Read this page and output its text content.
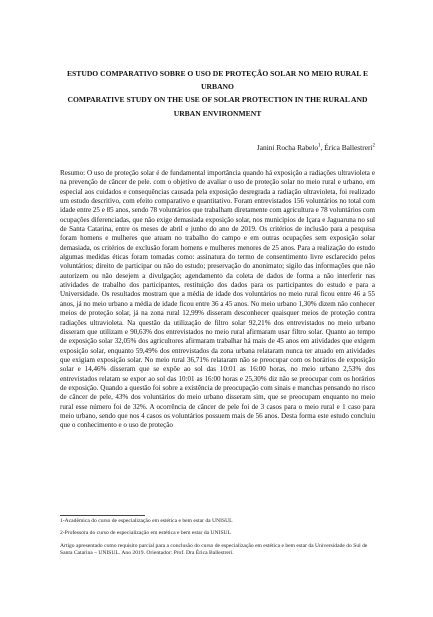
ESTUDO COMPARATIVO SOBRE O USO DE PROTEÇÃO SOLAR NO MEIO RURAL E URBANO

COMPARATIVE STUDY ON THE USE OF SOLAR PROTECTION IN THE RURAL AND URBAN ENVIRONMENT

Janini Rocha Rabelo$^1$, Érica Ballestreri$^2$

Resumo: O uso de proteção solar é de fundamental importância quando há exposição a radiações ultravioleta e na prevenção de câncer de pele. com o objetivo de avaliar o uso de proteção solar no meio rural e urbano, em especial aos cuidados e consequências causada pela exposição desregrada a radiação ultravioleta, foi realizado um estudo descritivo, com efeito comparativo e quantitativo. Foram entrevistados 156 voluntários no total com idade entre 25 e 85 anos, sendo 78 voluntários que trabalham diretamente com agricultura e 78 voluntários com ocupações diferenciadas, que não exige demasiada exposição solar, nos municípios de Içara e Jaguaruna no sul de Santa Catarina, entre os meses de abril e junho do ano de 2019. Os critérios de inclusão para a pesquisa foram homens e mulheres que atuam no trabalho do campo e em outras ocupações sem exposição solar demasiada, os critérios de exclusão foram homens e mulheres menores de 25 anos. Para a realização do estudo algumas medidas éticas foram tomadas como: assinatura do termo de consentimento livre esclarecido pelos voluntários; direito de participar ou não do estudo; preservação do anonimato; sigilo das informações que não autorizem ou não desejem a divulgação; agendamento da coleta de dados de forma a não interferir nas atividades de trabalho dos participantes, restituição dos dados para os participantes do estudo e para a Universidade. Os resultados mostram que a média de idade dos voluntários no meio rural ficou entre 46 a 55 anos, já no meio urbano a média de idade ficou entre 36 a 45 anos. No meio urbano 1,30% dizem não conhecer meios de proteção solar, já na zona rural 12,99% disseram desconhecer quaisquer meios de proteção contra radiações ultravioleta. Na questão da utilização de filtro solar 92,21% dos entrevistados no meio urbano disseram que utilizam e 90,63% dos entrevistados no meio rural afirmaram usar filtro solar. Quanto ao tempo de exposição solar 32,05% dos agricultores afirmaram trabalhar há mais de 45 anos em atividades que exigem exposição solar, enquanto 59,49% dos entrevistados da zona urbana relataram nunca ter atuado em atividades que exigiam exposição solar. No meio rural 36,71% relataram não se preocupar com os horários de exposição solar e 14,46% disseram que se expõe ao sol das 10:01 as 16:00 horas, no meio urbano 2,53% dos entrevistados relatam se expor ao sol das 10:01 as 16:00 horas e 25,30% diz não se preocupar com os horários de exposição. Quando a questão foi sobre a existência de preocupação com sinais e manchas pensando no risco de câncer de pele, 43% dos voluntários do meio urbano disseram sim, que se preocupam enquanto no meio rural esse número foi de 32%. A ocorrência de câncer de pele foi de 3 casos para o meio rural e 1 caso para meio urbano, sendo que nos 4 casos os voluntários possuem mais de 56 anos. Desta forma este estudo concluiu que o conhecimento e o uso de proteção

1-Acadêmica do curso de especialização em estética e bem estar da UNISUL

2-Professora do curso de especialização em estética e bem estar da UNISUL

Artigo apresentado como requisito parcial para a conclusão do curso de especialização em estética e bem estar da Universidade do Sul de Santa Catarina – UNISUL. Ano 2019. Orientador: Prof. Dra Érica Ballestreri.
